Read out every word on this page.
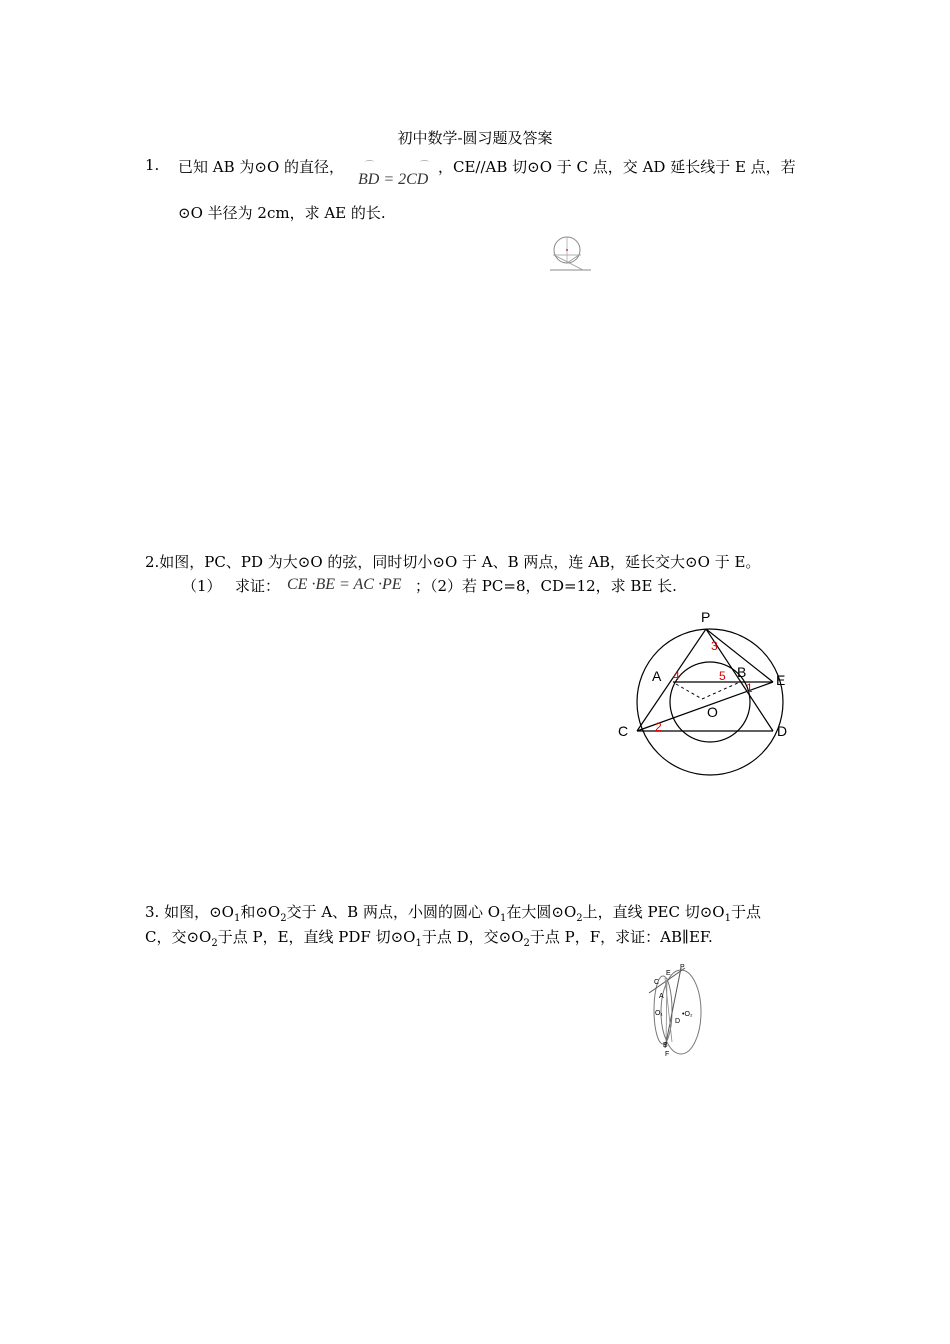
初中数学-圆习题及答案
1. 已知 AB 为⊙O 的直径， ⌒	⌒
BD = 2CD
，CE//AB 切⊙O 于 C 点，交 AD 延长线于 E 点，若
⊙O 半径为 2cm，求 AE 的长.
2.如图，PC、PD 为大⊙O 的弦，同时切小⊙O 于 A、B 两点，连 AB，延长交大⊙O 于 E。
（1） 求证： CE ·BE = AC ·PE ；（2）若 PC=8，CD=12，求 BE 长.
P
A	B E
O
C	D
1
2
3
4	5
3. 如图，$⊙O_1$和$⊙O_2$交于 A、B 两点，小圆的圆心 $O_1$在大圆$⊙O_2$上，直线 PEC 切$⊙O_1$于点
C，交$⊙O_2$于点 P，E，直线 PDF 切$⊙O_1$于点 D，交$⊙O_2$于点 P，F，求证：AB∥EF.
C
E
P
A
O₁	•O₂
D
B
F
